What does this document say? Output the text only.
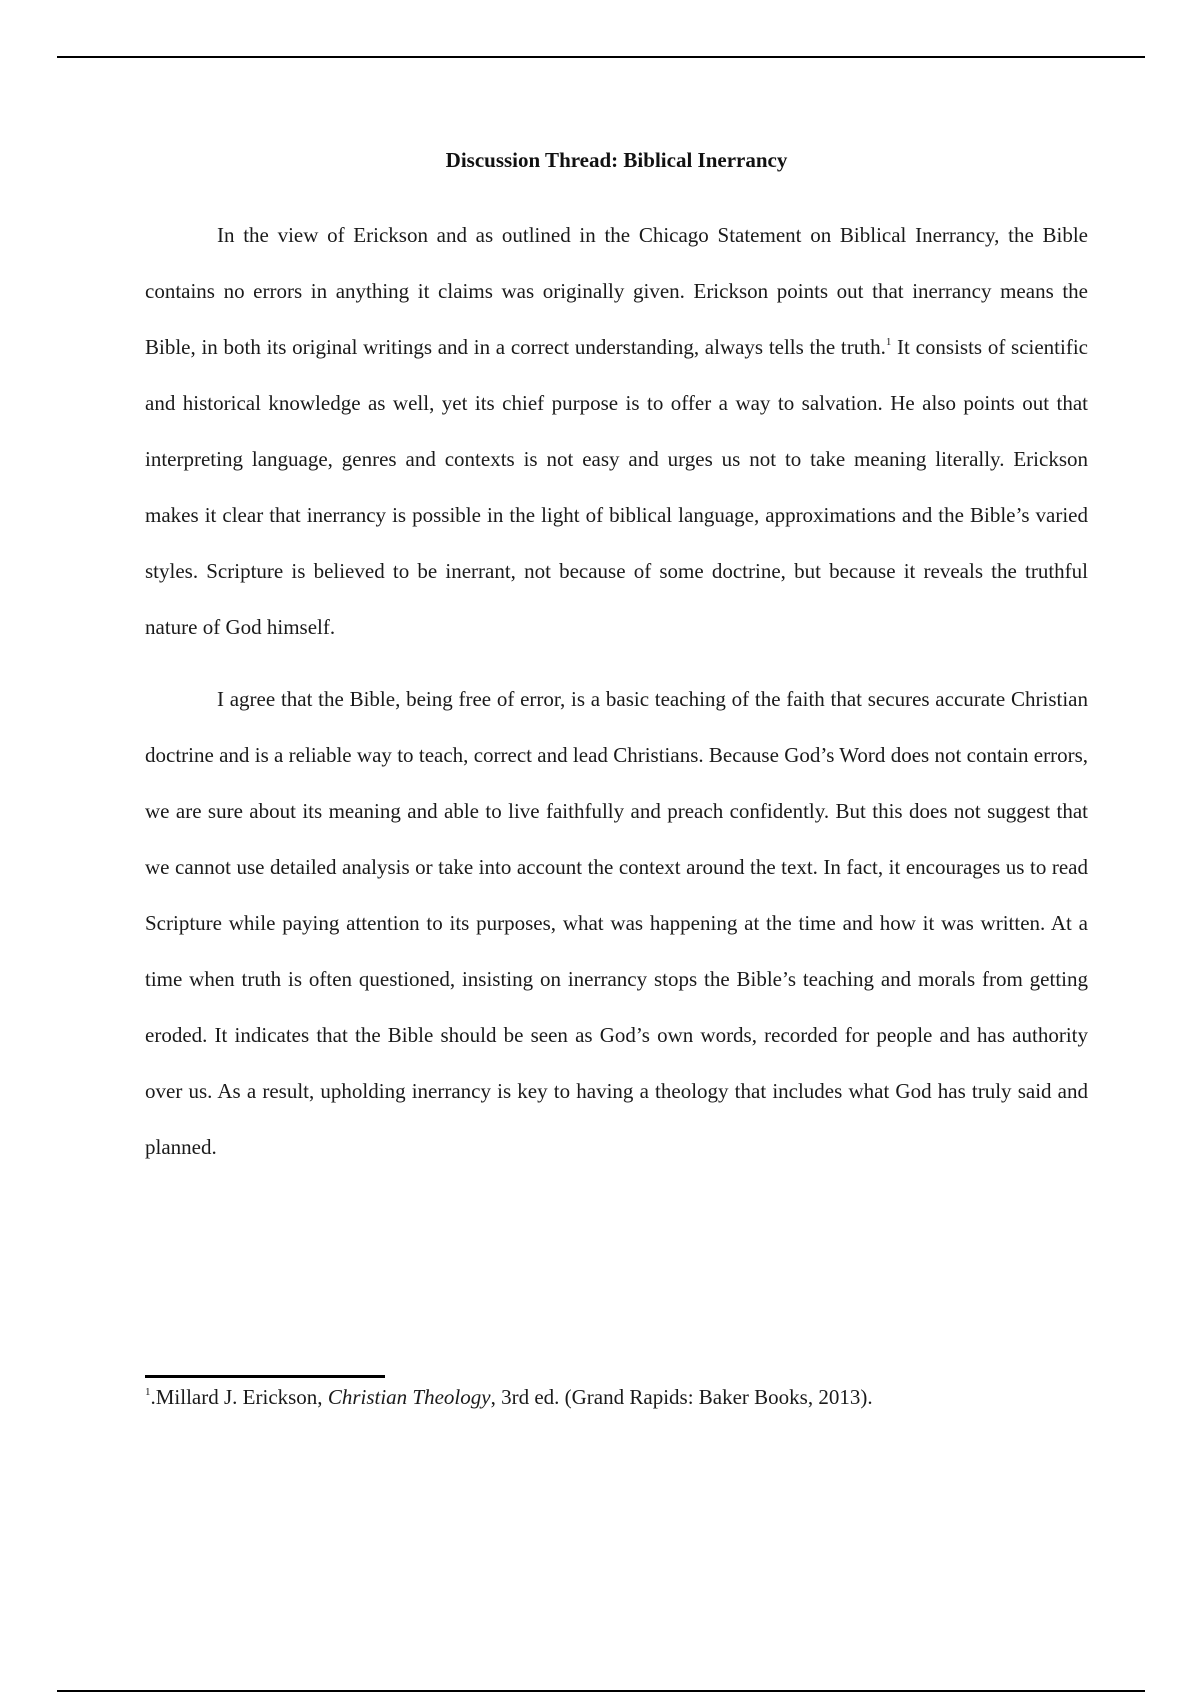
Discussion Thread: Biblical Inerrancy

In the view of Erickson and as outlined in the Chicago Statement on Biblical Inerrancy, the Bible contains no errors in anything it claims was originally given. Erickson points out that inerrancy means the Bible, in both its original writings and in a correct understanding, always tells the truth.$^1$ It consists of scientific and historical knowledge as well, yet its chief purpose is to offer a way to salvation. He also points out that interpreting language, genres and contexts is not easy and urges us not to take meaning literally. Erickson makes it clear that inerrancy is possible in the light of biblical language, approximations and the Bible’s varied styles. Scripture is believed to be inerrant, not because of some doctrine, but because it reveals the truthful nature of God himself.

I agree that the Bible, being free of error, is a basic teaching of the faith that secures accurate Christian doctrine and is a reliable way to teach, correct and lead Christians. Because God’s Word does not contain errors, we are sure about its meaning and able to live faithfully and preach confidently. But this does not suggest that we cannot use detailed analysis or take into account the context around the text. In fact, it encourages us to read Scripture while paying attention to its purposes, what was happening at the time and how it was written. At a time when truth is often questioned, insisting on inerrancy stops the Bible’s teaching and morals from getting eroded. It indicates that the Bible should be seen as God’s own words, recorded for people and has authority over us. As a result, upholding inerrancy is key to having a theology that includes what God has truly said and planned.

$^1$.Millard J. Erickson, Christian Theology, 3rd ed. (Grand Rapids: Baker Books, 2013).
